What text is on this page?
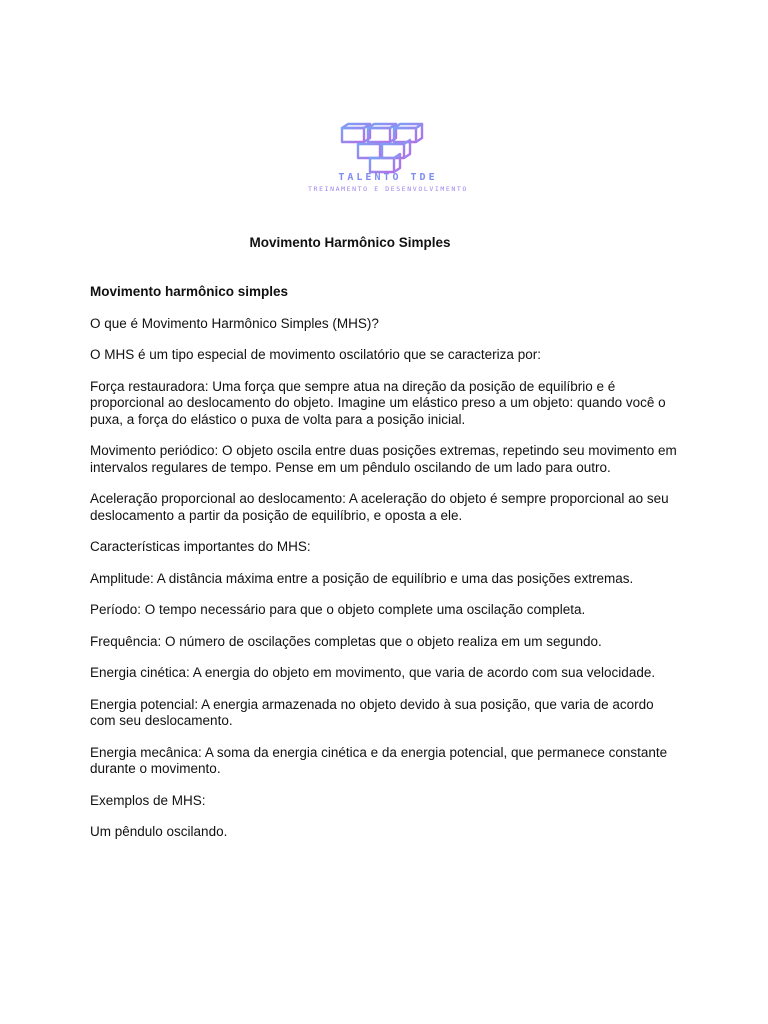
TALENTO TDE
TREINAMENTO E DESENVOLVIMENTO
Movimento Harmônico Simples

Movimento harmônico simples

O que é Movimento Harmônico Simples (MHS)?

O MHS é um tipo especial de movimento oscilatório que se caracteriza por:

Força restauradora: Uma força que sempre atua na direção da posição de equilíbrio e é proporcional ao deslocamento do objeto. Imagine um elástico preso a um objeto: quando você o puxa, a força do elástico o puxa de volta para a posição inicial.

Movimento periódico: O objeto oscila entre duas posições extremas, repetindo seu movimento em intervalos regulares de tempo. Pense em um pêndulo oscilando de um lado para outro.

Aceleração proporcional ao deslocamento: A aceleração do objeto é sempre proporcional ao seu deslocamento a partir da posição de equilíbrio, e oposta a ele.

Características importantes do MHS:

Amplitude: A distância máxima entre a posição de equilíbrio e uma das posições extremas.

Período: O tempo necessário para que o objeto complete uma oscilação completa.

Frequência: O número de oscilações completas que o objeto realiza em um segundo.

Energia cinética: A energia do objeto em movimento, que varia de acordo com sua velocidade.

Energia potencial: A energia armazenada no objeto devido à sua posição, que varia de acordo com seu deslocamento.

Energia mecânica: A soma da energia cinética e da energia potencial, que permanece constante durante o movimento.

Exemplos de MHS:

Um pêndulo oscilando.
